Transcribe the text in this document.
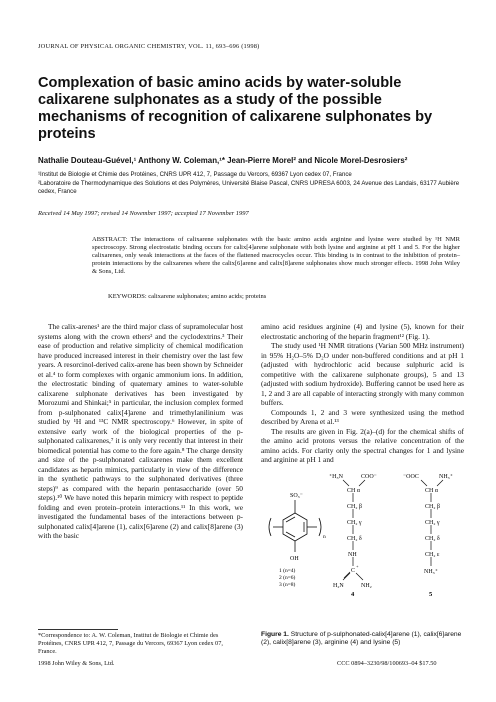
JOURNAL OF PHYSICAL ORGANIC CHEMISTRY, VOL. 11, 693–696 (1998)
Complexation of basic amino acids by water-soluble calixarene sulphonates as a study of the possible mechanisms of recognition of calixarene sulphonates by proteins
Nathalie Douteau-Guével,¹ Anthony W. Coleman,¹* Jean-Pierre Morel² and Nicole Morel-Desrosiers²
¹Institut de Biologie et Chimie des Protéines, CNRS UPR 412, 7, Passage du Vercors, 69367 Lyon cedex 07, France
²Laboratoire de Thermodynamique des Solutions et des Polymères, Université Blaise Pascal, CNRS UPRESA 6003, 24 Avenue des Landais, 63177 Aubière cedex, France
Received 14 May 1997; revised 14 November 1997; accepted 17 November 1997
ABSTRACT: The interactions of calixarene sulphonates with the basic amino acids arginine and lysine were studied by ¹H NMR spectroscopy. Strong electrostatic binding occurs for calix[4]arene sulphonate with both lysine and arginine at pH 1 and 5. For the higher calixarenes, only weak interactions at the faces of the flattened macrocycles occur. This binding is in contrast to the inhibition of protein–protein interactions by the calixarenes where the calix[6]arene and calix[8]arene sulphonates show much stronger effects. 1998 John Wiley & Sons, Ltd.
KEYWORDS: calixarene sulphonates; amino acids; proteins

The calix-arenes¹ are the third major class of supramolecular host systems along with the crown ethers² and the cyclodextrins.³ Their ease of production and relative simplicity of chemical modification have produced increased interest in their chemistry over the last few years. A resorcinol-derived calix-arene has been shown by Schneider et al.⁴ to form complexes with organic ammonium ions. In addition, the electrostatic binding of quaternary amines to water-soluble calixarene sulphonate derivatives has been investigated by Morozumi and Shinkai;⁵ in particular, the inclusion complex formed from p-sulphonated calix[4]arene and trimethylanilinium was studied by ¹H and ¹³C NMR spectroscopy.⁶ However, in spite of extensive early work of the biological properties of the p-sulphonated calixarenes,⁷ it is only very recently that interest in their biomedical potential has come to the fore again.⁸ The charge density and size of the p-sulphonated calixarenes make them excellent candidates as heparin mimics, particularly in view of the difference in the synthetic pathways to the sulphonated derivatives (three steps)⁹ as compared with the heparin pentasaccharide (over 50 steps).¹⁰ We have noted this heparin mimicry with respect to peptide folding and even protein–protein interactions.¹¹ In this work, we investigated the fundamental bases of the interactions between p-sulphonated calix[4]arene (1), calix[6]arene (2) and calix[8]arene (3) with the basic

amino acid residues arginine (4) and lysine (5), known for their electrostatic anchoring of the heparin fragment¹² (Fig. 1).

The study used ¹H NMR titrations (Varian 500 MHz instrument) in 95% H₂O–5% D₂O under non-buffered conditions and at pH 1 (adjusted with hydrochloric acid because sulphuric acid is competitive with the calixarene sulphonate groups), 5 and 13 (adjusted with sodium hydroxide). Buffering cannot be used here as 1, 2 and 3 are all capable of interacting strongly with many common buffers.

Compounds 1, 2 and 3 were synthesized using the method described by Arena et al.¹³

The results are given in Fig. 2(a)–(d) for the chemical shifts of the amino acid protons versus the relative concentration of the amino acids. For clarity only the spectral changes for 1 and lysine and arginine at pH 1 and

SO₃⁻
OH
n
1 (n=4)
2 (n=6)
3 (n=8)
⁺H₃N	COO⁻
CH α
CH₂ β
CH₂ γ
CH₂ δ
NH
C ⁺
H₂N	NH₂
4
⁻OOC	NH₃⁺
CH α
CH₂ β
CH₂ γ
CH₂ δ
CH₂ ε
NH₃⁺
5
Figure 1. Structure of p-sulphonated-calix[4]arene (1), calix[6]arene (2), calix[8]arene (3), arginine (4) and lysine (5)
*Correspondence to: A. W. Coleman, Institut de Biologie et Chimie des Protéines, CNRS UPR 412, 7, Passage du Vercors, 69367 Lyon cedex 07, France.
1998 John Wiley & Sons, Ltd.	CCC 0894–3230/98/100693–04 $17.50
